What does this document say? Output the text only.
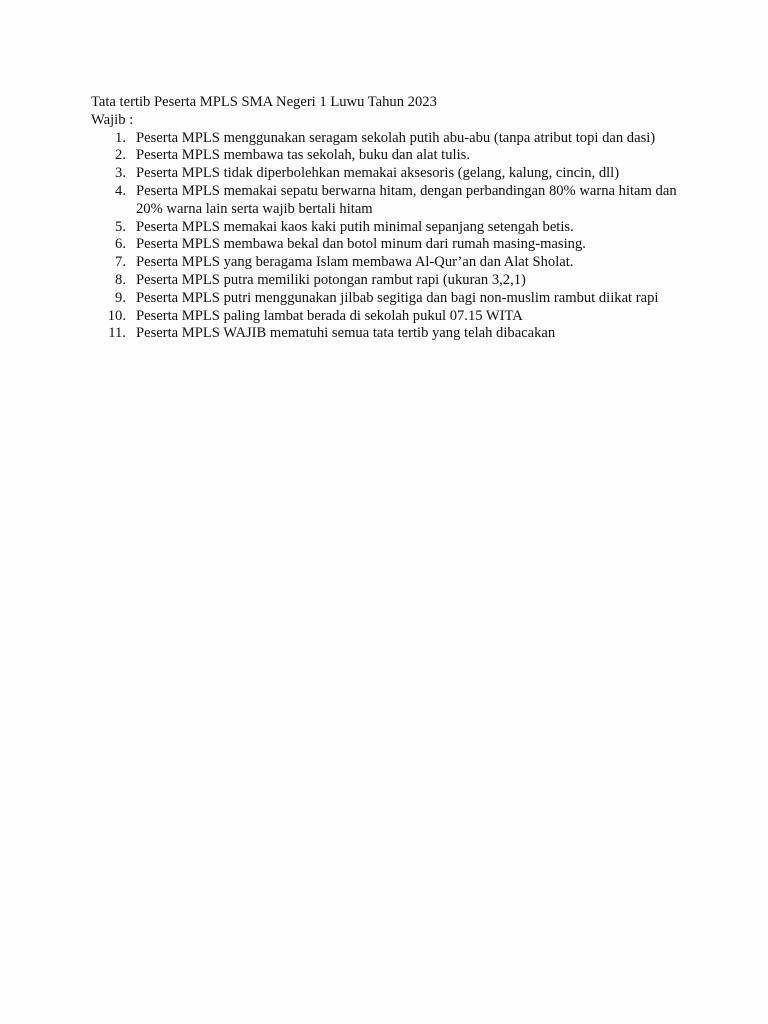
Tata tertib Peserta MPLS SMA Negeri 1 Luwu Tahun 2023
Wajib :
1. Peserta MPLS menggunakan seragam sekolah putih abu-abu (tanpa atribut topi dan dasi)
2. Peserta MPLS membawa tas sekolah, buku dan alat tulis.
3. Peserta MPLS tidak diperbolehkan memakai aksesoris (gelang, kalung, cincin, dll)
4. Peserta MPLS memakai sepatu berwarna hitam, dengan perbandingan 80% warna hitam dan 20% warna lain serta wajib bertali hitam
5. Peserta MPLS memakai kaos kaki putih minimal sepanjang setengah betis.
6. Peserta MPLS membawa bekal dan botol minum dari rumah masing-masing.
7. Peserta MPLS yang beragama Islam membawa Al-Qur’an dan Alat Sholat.
8. Peserta MPLS putra memiliki potongan rambut rapi (ukuran 3,2,1)
9. Peserta MPLS putri menggunakan jilbab segitiga dan bagi non-muslim rambut diikat rapi
10. Peserta MPLS paling lambat berada di sekolah pukul 07.15 WITA
11. Peserta MPLS WAJIB mematuhi semua tata tertib yang telah dibacakan
